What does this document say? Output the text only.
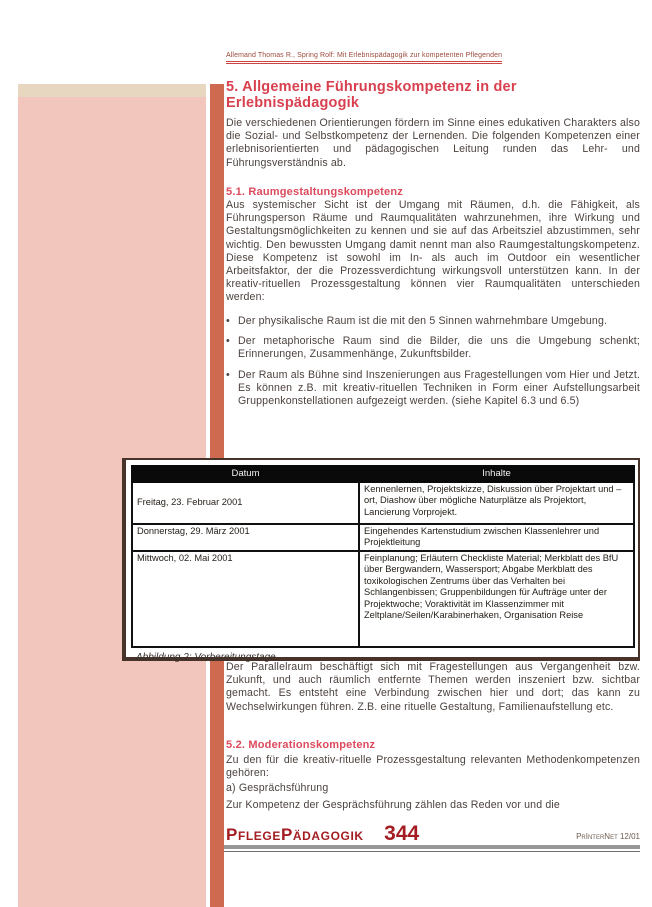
Allemand Thomas R., Spring Rolf: Mit Erlebnispädagogik zur kompetenten Pflegenden
5. Allgemeine Führungskompetenz in der Erlebnispädagogik

Die verschiedenen Orientierungen fördern im Sinne eines edukativen Charakters also die Sozial- und Selbstkompetenz der Lernenden. Die folgenden Kompetenzen einer erlebnisorientierten und pädagogischen Leitung runden das Lehr- und Führungsverständnis ab.

5.1. Raumgestaltungskompetenz

Aus systemischer Sicht ist der Umgang mit Räumen, d.h. die Fähigkeit, als Führungsperson Räume und Raumqualitäten wahrzunehmen, ihre Wirkung und Gestaltungsmöglichkeiten zu kennen und sie auf das Arbeitsziel abzustimmen, sehr wichtig. Den bewussten Umgang damit nennt man also Raumgestaltungskompetenz. Diese Kompetenz ist sowohl im In- als auch im Outdoor ein wesentlicher Arbeitsfaktor, der die Prozessverdichtung wirkungsvoll unterstützen kann. In der kreativ-rituellen Prozessgestaltung können vier Raumqualitäten unterschieden werden:

• Der physikalische Raum ist die mit den 5 Sinnen wahrnehmbare Umgebung.
• Der metaphorische Raum sind die Bilder, die uns die Umgebung schenkt; Erinnerungen, Zusammenhänge, Zukunftsbilder.
• Der Raum als Bühne sind Inszenierungen aus Fragestellungen vom Hier und Jetzt. Es können z.B. mit kreativ-rituellen Techniken in Form einer Aufstellungsarbeit Gruppenkonstellationen aufgezeigt werden. (siehe Kapitel 6.3 und 6.5)
Datum	Inhalte
Freitag, 23. Februar 2001	Kennenlernen, Projektskizze, Diskussion über Projektart und –ort, Diashow über mögliche Naturplätze als Projektort, Lancierung Vorprojekt.
Donnerstag, 29. März 2001	Eingehendes Kartenstudium zwischen Klassenlehrer und Projektleitung
Mittwoch, 02. Mai 2001	Feinplanung; Erläutern Checkliste Material; Merkblatt des BfU über Bergwandern, Wassersport; Abgabe Merkblatt des toxikologischen Zentrums über das Verhalten bei Schlangenbissen; Gruppenbildungen für Aufträge unter der Projektwoche; Voraktivität im Klassenzimmer mit Zeltplane/Seilen/Karabinerhaken, Organisation Reise
Abbildung 2: Vorbereitungstage

Der Parallelraum beschäftigt sich mit Fragestellungen aus Vergangenheit bzw. Zukunft, und auch räumlich entfernte Themen werden inszeniert bzw. sichtbar gemacht. Es entsteht eine Verbindung zwischen hier und dort; das kann zu Wechselwirkungen führen. Z.B. eine rituelle Gestaltung, Familienaufstellung etc.

5.2. Moderationskompetenz

Zu den für die kreativ-rituelle Prozessgestaltung relevanten Methodenkompetenzen gehören:

a) Gesprächsführung

Zur Kompetenz der Gesprächsführung zählen das Reden vor und die

PflegePädagogik 344	PrInterNet 12/01
